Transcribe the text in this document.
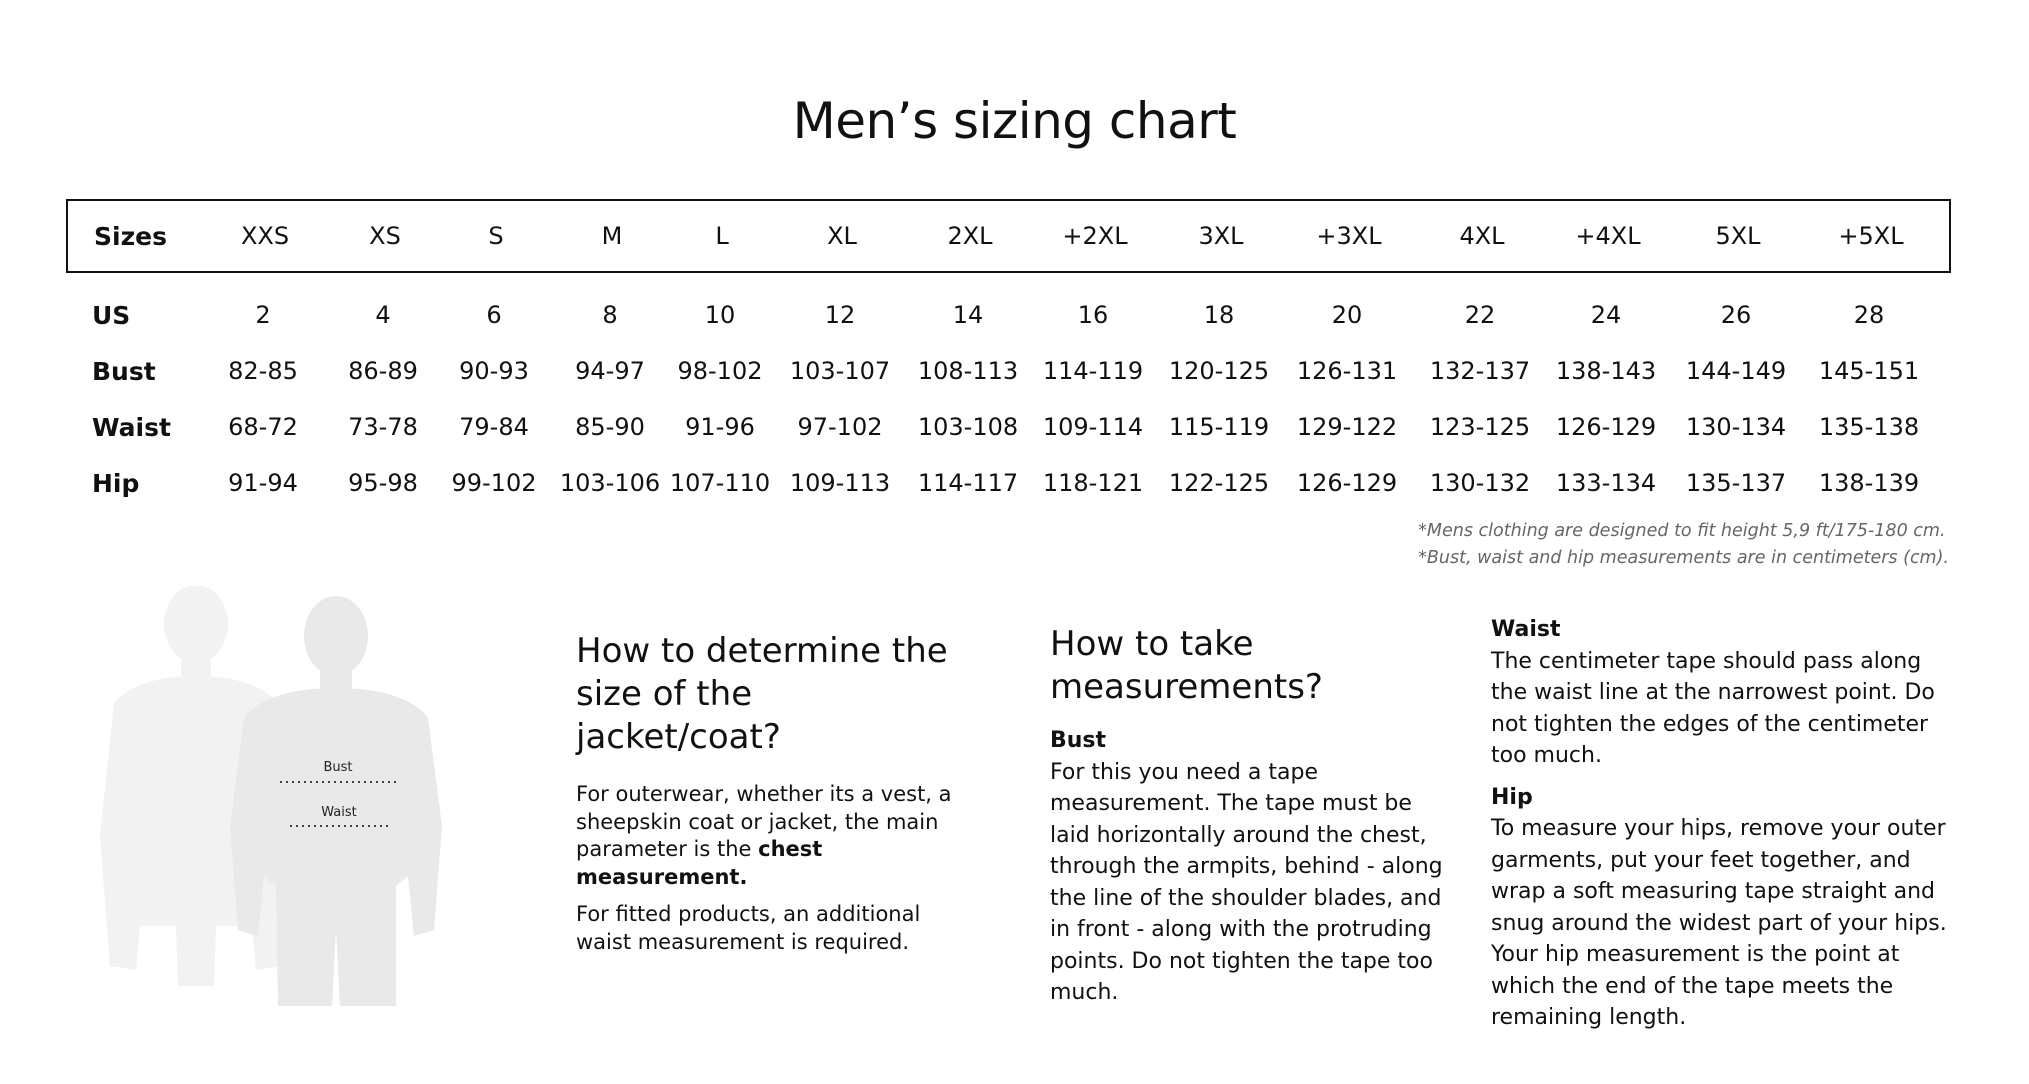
Men’s sizing chart
Sizes	XXS	XS	S	M	L	XL	2XL	+2XL	3XL	+3XL	4XL	+4XL	5XL	+5XL
US	2	4	6	8	10	12	14	16	18	20	22	24	26	28
Bust	82-85	86-89	90-93	94-97	98-102	103-107	108-113	114-119	120-125	126-131	132-137	138-143	144-149	145-151
Waist	68-72	73-78	79-84	85-90	91-96	97-102	103-108	109-114	115-119	129-122	123-125	126-129	130-134	135-138
Hip	91-94	95-98	99-102 103-106 107-110 109-113	114-117	118-121	122-125	126-129	130-132	133-134	135-137	138-139
*Mens clothing are designed to fit height 5,9 ft/175-180 cm.
*Bust, waist and hip measurements are in centimeters (cm).
Bust
Waist
How to determine the
size of the jacket/coat?

For outerwear, whether its a vest, a sheepskin coat or jacket, the main parameter is the chest measurement.

For fitted products, an additional waist measurement is required.

How to take
measurements?
Bust

For this you need a tape measurement. The tape must be laid horizontally around the chest, through the armpits, behind - along the line of the shoulder blades, and in front - along with the protruding points. Do not tighten the tape too much.

Waist

The centimeter tape should pass along the waist line at the narrowest point. Do not tighten the edges of the centimeter too much.

Hip

To measure your hips, remove your outer garments, put your feet together, and wrap a soft measuring tape straight and snug around the widest part of your hips. Your hip measurement is the point at which the end of the tape meets the remaining length.
